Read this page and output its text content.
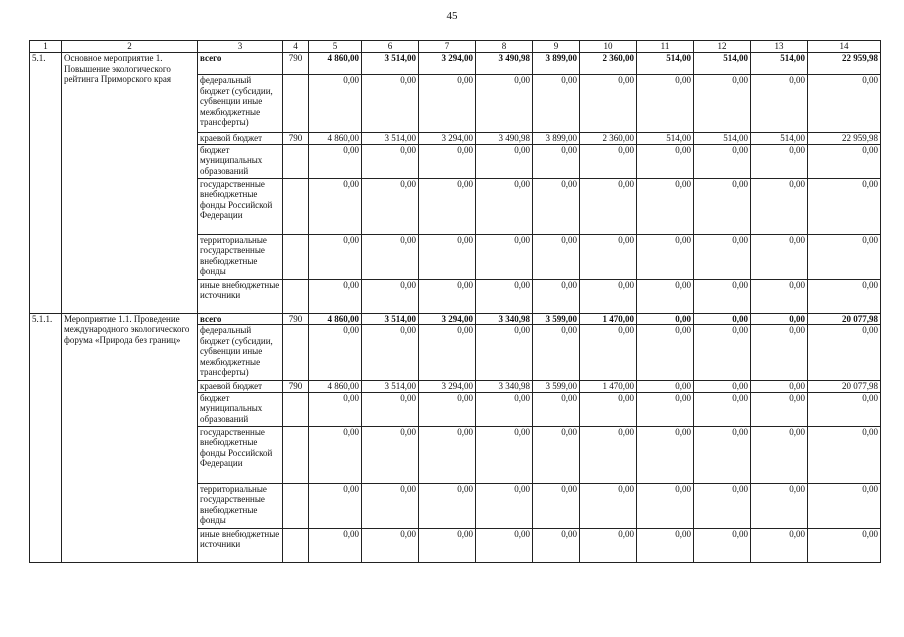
45
1	2	3	4	5	6	7	8	9	10	11	12	13	14
5.1.	Основное мероприятие 1. Повышение экологического рейтинга Приморского края	всего	790	4 860,00	3 514,00	3 294,00	3 490,98	3 899,00	2 360,00	514,00	514,00	514,00	22 959,98
		федеральный бюджет (субсидии, субвенции иные межбюджетные трансферты)		0,00	0,00	0,00	0,00	0,00	0,00	0,00	0,00	0,00	0,00
		краевой бюджет	790	4 860,00	3 514,00	3 294,00	3 490,98	3 899,00	2 360,00	514,00	514,00	514,00	22 959,98
		бюджет муниципальных образований		0,00	0,00	0,00	0,00	0,00	0,00	0,00	0,00	0,00	0,00
		государственные внебюджетные фонды Российской Федерации		0,00	0,00	0,00	0,00	0,00	0,00	0,00	0,00	0,00	0,00
		территориальные государственные внебюджетные фонды		0,00	0,00	0,00	0,00	0,00	0,00	0,00	0,00	0,00	0,00
		иные внебюджетные источники		0,00	0,00	0,00	0,00	0,00	0,00	0,00	0,00	0,00	0,00
5.1.1.	Мероприятие 1.1. Проведение международного экологического форума «Природа без границ»	всего	790	4 860,00	3 514,00	3 294,00	3 340,98	3 599,00	1 470,00	0,00	0,00	0,00	20 077,98
		федеральный бюджет (субсидии, субвенции иные межбюджетные трансферты)		0,00	0,00	0,00	0,00	0,00	0,00	0,00	0,00	0,00	0,00
		краевой бюджет	790	4 860,00	3 514,00	3 294,00	3 340,98	3 599,00	1 470,00	0,00	0,00	0,00	20 077,98
		бюджет муниципальных образований		0,00	0,00	0,00	0,00	0,00	0,00	0,00	0,00	0,00	0,00
		государственные внебюджетные фонды Российской Федерации		0,00	0,00	0,00	0,00	0,00	0,00	0,00	0,00	0,00	0,00
		территориальные государственные внебюджетные фонды		0,00	0,00	0,00	0,00	0,00	0,00	0,00	0,00	0,00	0,00
		иные внебюджетные источники		0,00	0,00	0,00	0,00	0,00	0,00	0,00	0,00	0,00	0,00
